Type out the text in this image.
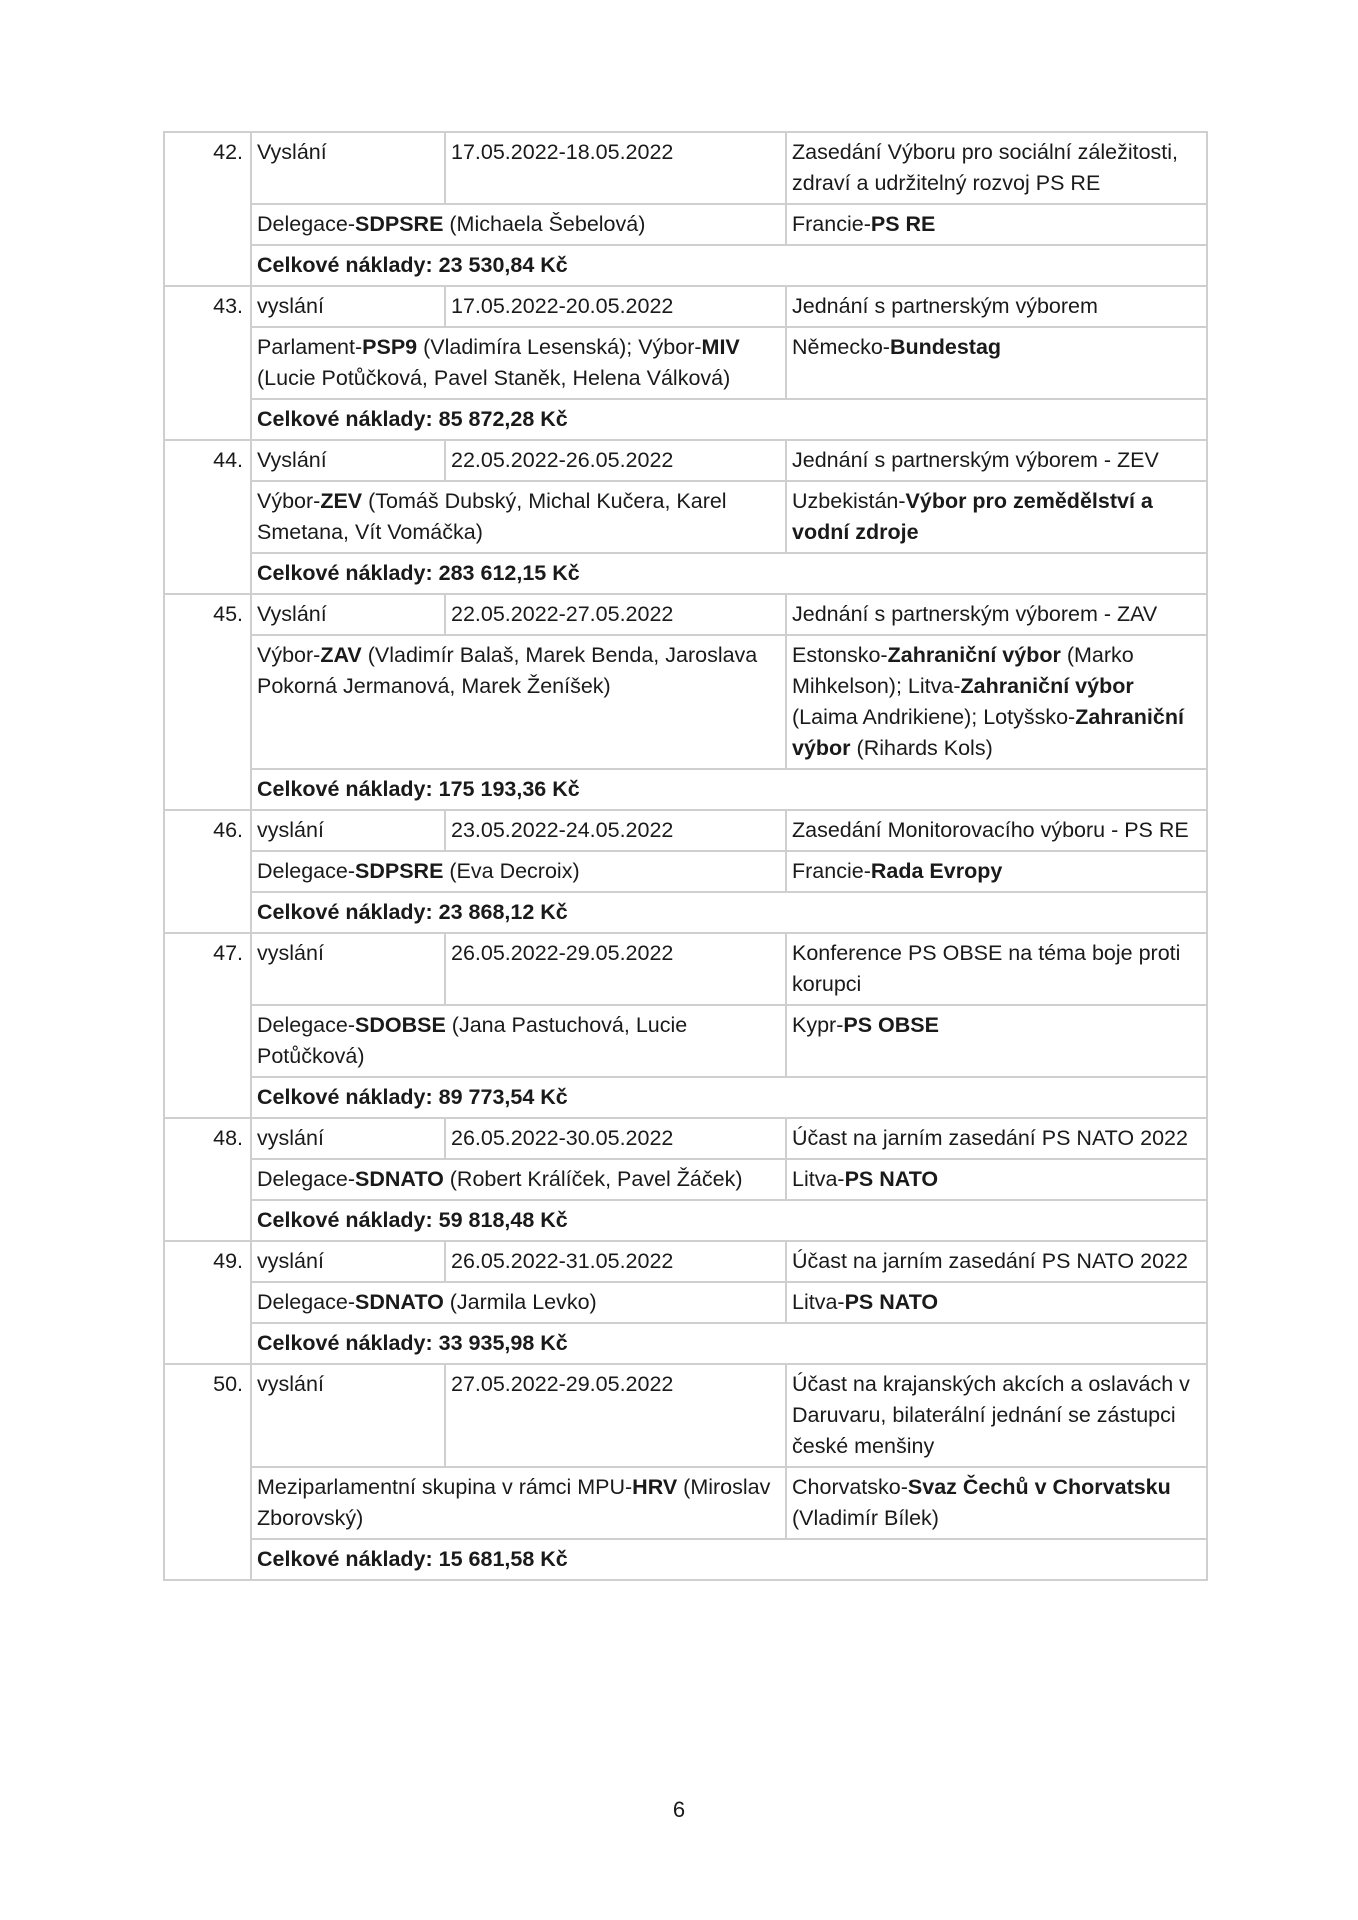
42.	Vyslání	17.05.2022-18.05.2022	Zasedání Výboru pro sociální záležitosti, zdraví a udržitelný rozvoj PS RE
	Delegace-SDPSRE (Michaela Šebelová)		Francie-PS RE
	Celkové náklady: 23 530,84 Kč		
43.	vyslání	17.05.2022-20.05.2022	Jednání s partnerským výborem
	Parlament-PSP9 (Vladimíra Lesenská); Výbor-MIV (Lucie Potůčková, Pavel Staněk, Helena Válková)		Německo-Bundestag
	Celkové náklady: 85 872,28 Kč		
44.	Vyslání	22.05.2022-26.05.2022	Jednání s partnerským výborem - ZEV
	Výbor-ZEV (Tomáš Dubský, Michal Kučera, Karel Smetana, Vít Vomáčka)		Uzbekistán-Výbor pro zemědělství a vodní zdroje
	Celkové náklady: 283 612,15 Kč		
45.	Vyslání	22.05.2022-27.05.2022	Jednání s partnerským výborem - ZAV
	Výbor-ZAV (Vladimír Balaš, Marek Benda, Jaroslava Pokorná Jermanová, Marek Ženíšek)		Estonsko-Zahraniční výbor (Marko Mihkelson); Litva-Zahraniční výbor (Laima Andrikiene); Lotyšsko-Zahraniční výbor (Rihards Kols)
	Celkové náklady: 175 193,36 Kč		
46.	vyslání	23.05.2022-24.05.2022	Zasedání Monitorovacího výboru - PS RE
	Delegace-SDPSRE (Eva Decroix)		Francie-Rada Evropy
	Celkové náklady: 23 868,12 Kč		
47.	vyslání	26.05.2022-29.05.2022	Konference PS OBSE na téma boje proti korupci
	Delegace-SDOBSE (Jana Pastuchová, Lucie Potůčková)		Kypr-PS OBSE
	Celkové náklady: 89 773,54 Kč		
48.	vyslání	26.05.2022-30.05.2022	Účast na jarním zasedání PS NATO 2022
	Delegace-SDNATO (Robert Králíček, Pavel Žáček)		Litva-PS NATO
	Celkové náklady: 59 818,48 Kč		
49.	vyslání	26.05.2022-31.05.2022	Účast na jarním zasedání PS NATO 2022
	Delegace-SDNATO (Jarmila Levko)		Litva-PS NATO
	Celkové náklady: 33 935,98 Kč		
50.	vyslání	27.05.2022-29.05.2022	Účast na krajanských akcích a oslavách v Daruvaru, bilaterální jednání se zástupci české menšiny
	Meziparlamentní skupina v rámci MPU-HRV (Miroslav Zborovský)		Chorvatsko-Svaz Čechů v Chorvatsku (Vladimír Bílek)
	Celkové náklady: 15 681,58 Kč		
6
